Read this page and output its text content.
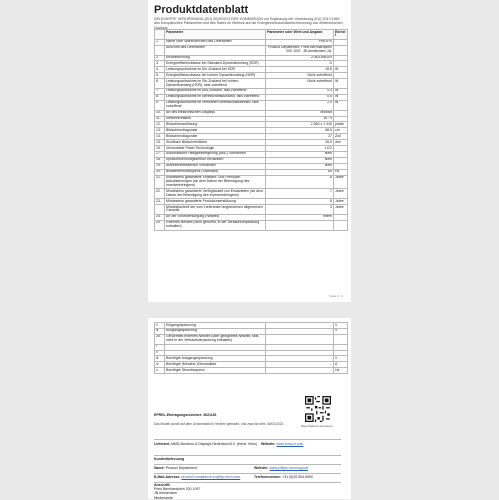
Produktdatenblatt
DELEGIERTE VERORDNUNG (EU) 2019/2013 DER KOMMISSION zur Ergänzung der Verordnung (EU) 2017/1369 des Europäischen Parlaments und des Rates im Hinblick auf die Energieverbrauchskennzeichnung von elektronischen Displays
	Parameter	Parameter oder Wert und Angabe	Einheit
1.	Name oder Warenzeichen des Lieferanten	PHILIPS	
	Anschrift des Lieferanten	Product Department, Prins Bernhardplein 200 1097, JB Amsterdam, NL	
2.	Modellkennung	27B2U5601H	
3.	Energieeffizienzklasse bei Standard-Dynamikumfang (SDR)	D	
4.	Leistungsaufnahme im Ein-Zustand bei SDR	15,8	W
5.	Energieeffizienzklasse bei hohem Dynamikumfang (HDR)	Nicht zutreffend	
6.	Leistungsaufnahme im Ein-Zustand bei hohem Dynamikumfang (HDR), falls zutreffend	Nicht zutreffend	W
7.	Leistungsaufnahme im Aus-Zustand, falls zutreffend	0,3	W
8.	Leistungsaufnahme im Bereitschaftszustand, falls zutreffend	0,5	W
9.	Leistungsaufnahme im vernetzten Bereitschaftsbetrieb, falls zutreffend	2,0	W
10.	Art des elektronischen Displays	Monitor	
11.	Seitenverhältnis	16 : 9	
12.	Bildschirmauflösung	2 560 x 1 440	pixels
13.	Bildschirmdiagonale	68,5	cm
14.	Bildschirmdiagonale	27	Zoll
15.	Sichtbare Bildschirmfläche	26,9	dm²
16.	Verwendete Panel-Technologie	LCD	
17.	Automatische Helligkeitsregelung (ABC) vorhanden	Nein	
18.	Spracherkennungssensor vorhanden	Nein	
19.	Anwesenheitssensor vorhanden	Nein	
20.	Bildwiederholfrequenz (Standard)	60	Hz
21.	Mindestens garantierte Software- und Firmware-Aktualisierungen (ab dem Datum der Beendigung des Inverkehrbringens)	8	Jahre
22.	Mindestens garantierte Verfügbarkeit von Ersatzteilen (ab dem Datum der Beendigung des Inverkehrbringens)	7	Jahre
23.	Mindestens garantierte Produktunterstützung	8	Jahre
	Mindestlaufzeit der vom Lieferanten angebotenen allgemeinen Garantie	3	Jahre
24.	Art der Stromversorgung (Netzteil)	Intern	
25.	Externes Netzteil (nicht genormt, in der Verkaufsverpackung enthalten)		
Seite 1 / 2
ii	Eingangsspannung	-	V
iii	Ausgangsspannung	-	V
26.	Genormtes externes Netzteil (oder geeignetes Netzteil, falls nicht in der Verkaufsverpackung enthalten)		
i			
ii			
iii	Benötigte Ausgangsspannung	-	V
iv	Benötigte (Mindest-)Stromstärke	-	A
v	Benötigte Stromfrequenz	-	Hz
EPREL-Eintragungsnummer: 2621161
Das Modell wurde auf dem Unionsmarkt in Verkehr gebracht, und zwar ab dem: 06/01/2024.	https://eprel.ec.europa.eu
Lieferant: MMD-Monitors & Displays Nederland B.V. (Herst. Infos) Website: www.mmd-b.com
Kundenbetreuung
Name: Product Department	Website: www.philips.com/support
E-Mail-Adresse: product.compliance.eu@tpv-tech.com	Telefonnummer: +31 (0)20 504 6950
Anschrift:
Prins Bernhardplein 200 1097
JB Amsterdam
Niederlande
